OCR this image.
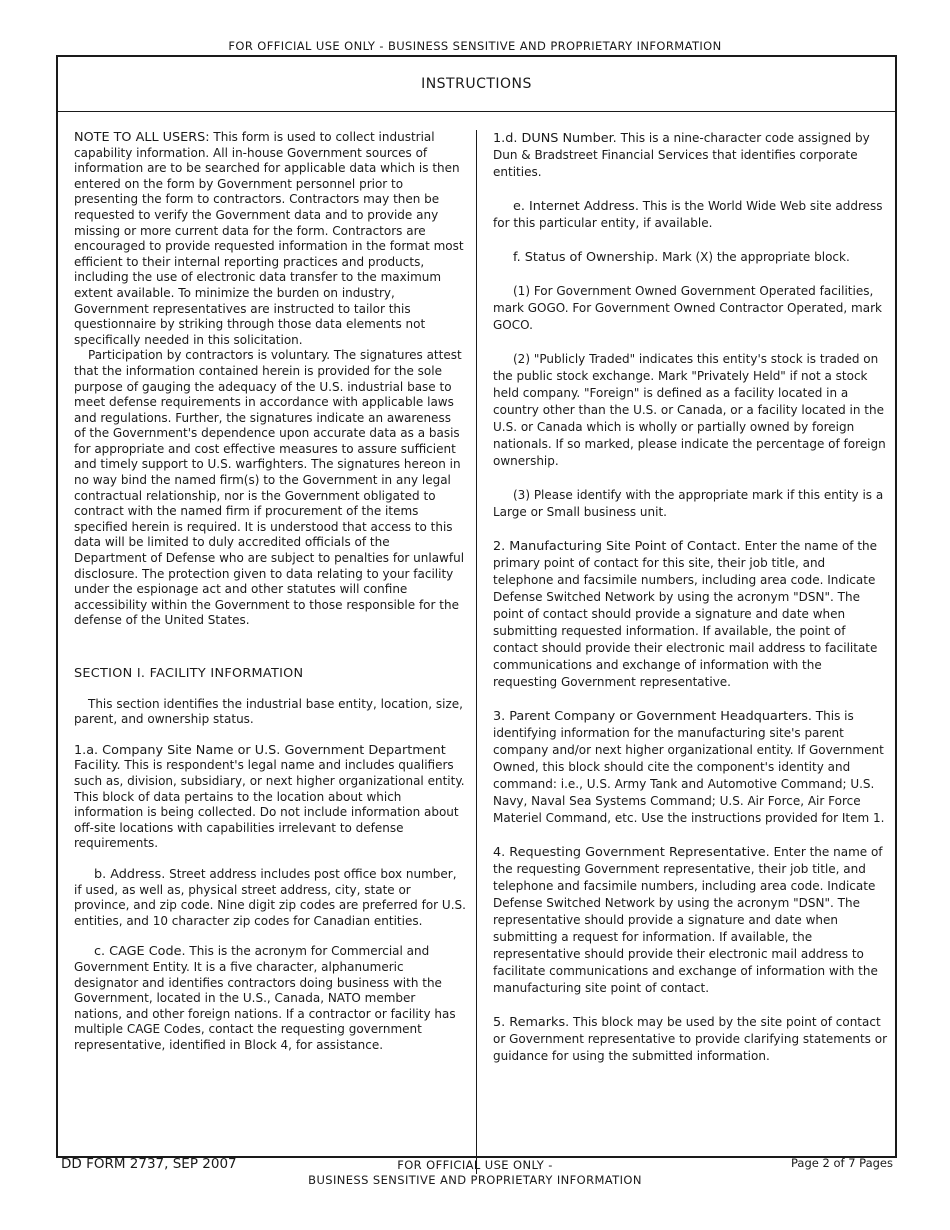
FOR OFFICIAL USE ONLY - BUSINESS SENSITIVE AND PROPRIETARY INFORMATION
INSTRUCTIONS

NOTE TO ALL USERS: This form is used to collect industrial capability information. All in-house Government sources of information are to be searched for applicable data which is then entered on the form by Government personnel prior to presenting the form to contractors. Contractors may then be requested to verify the Government data and to provide any missing or more current data for the form. Contractors are encouraged to provide requested information in the format most efficient to their internal reporting practices and products, including the use of electronic data transfer to the maximum extent available. To minimize the burden on industry, Government representatives are instructed to tailor this questionnaire by striking through those data elements not specifically needed in this solicitation.

Participation by contractors is voluntary. The signatures attest that the information contained herein is provided for the sole purpose of gauging the adequacy of the U.S. industrial base to meet defense requirements in accordance with applicable laws and regulations. Further, the signatures indicate an awareness of the Government's dependence upon accurate data as a basis for appropriate and cost effective measures to assure sufficient and timely support to U.S. warfighters. The signatures hereon in no way bind the named firm(s) to the Government in any legal contractual relationship, nor is the Government obligated to contract with the named firm if procurement of the items specified herein is required. It is understood that access to this data will be limited to duly accredited officials of the Department of Defense who are subject to penalties for unlawful disclosure. The protection given to data relating to your facility under the espionage act and other statutes will confine accessibility within the Government to those responsible for the defense of the United States.

SECTION I. FACILITY INFORMATION

This section identifies the industrial base entity, location, size, parent, and ownership status.

1.a. Company Site Name or U.S. Government Department Facility. This is respondent's legal name and includes qualifiers such as, division, subsidiary, or next higher organizational entity. This block of data pertains to the location about which information is being collected. Do not include information about off-site locations with capabilities irrelevant to defense requirements.

b. Address. Street address includes post office box number, if used, as well as, physical street address, city, state or province, and zip code. Nine digit zip codes are preferred for U.S. entities, and 10 character zip codes for Canadian entities.

c. CAGE Code. This is the acronym for Commercial and Government Entity. It is a five character, alphanumeric designator and identifies contractors doing business with the Government, located in the U.S., Canada, NATO member nations, and other foreign nations. If a contractor or facility has multiple CAGE Codes, contact the requesting government representative, identified in Block 4, for assistance.

1.d. DUNS Number. This is a nine-character code assigned by Dun & Bradstreet Financial Services that identifies corporate entities.

e. Internet Address. This is the World Wide Web site address for this particular entity, if available.

f. Status of Ownership. Mark (X) the appropriate block.

(1) For Government Owned Government Operated facilities, mark GOGO. For Government Owned Contractor Operated, mark GOCO.

(2) "Publicly Traded" indicates this entity's stock is traded on the public stock exchange. Mark "Privately Held" if not a stock held company. "Foreign" is defined as a facility located in a country other than the U.S. or Canada, or a facility located in the U.S. or Canada which is wholly or partially owned by foreign nationals. If so marked, please indicate the percentage of foreign ownership.

(3) Please identify with the appropriate mark if this entity is a Large or Small business unit.

2. Manufacturing Site Point of Contact. Enter the name of the primary point of contact for this site, their job title, and telephone and facsimile numbers, including area code. Indicate Defense Switched Network by using the acronym "DSN". The point of contact should provide a signature and date when submitting requested information. If available, the point of contact should provide their electronic mail address to facilitate communications and exchange of information with the requesting Government representative.

3. Parent Company or Government Headquarters. This is identifying information for the manufacturing site's parent company and/or next higher organizational entity. If Government Owned, this block should cite the component's identity and command: i.e., U.S. Army Tank and Automotive Command; U.S. Navy, Naval Sea Systems Command; U.S. Air Force, Air Force Materiel Command, etc. Use the instructions provided for Item 1.

4. Requesting Government Representative. Enter the name of the requesting Government representative, their job title, and telephone and facsimile numbers, including area code. Indicate Defense Switched Network by using the acronym "DSN". The representative should provide a signature and date when submitting a request for information. If available, the representative should provide their electronic mail address to facilitate communications and exchange of information with the manufacturing site point of contact.

5. Remarks. This block may be used by the site point of contact or Government representative to provide clarifying statements or guidance for using the submitted information.

DD FORM 2737, SEP 2007	FOR OFFICIAL USE ONLY -
BUSINESS SENSITIVE AND PROPRIETARY INFORMATION
Page 2 of 7 Pages
